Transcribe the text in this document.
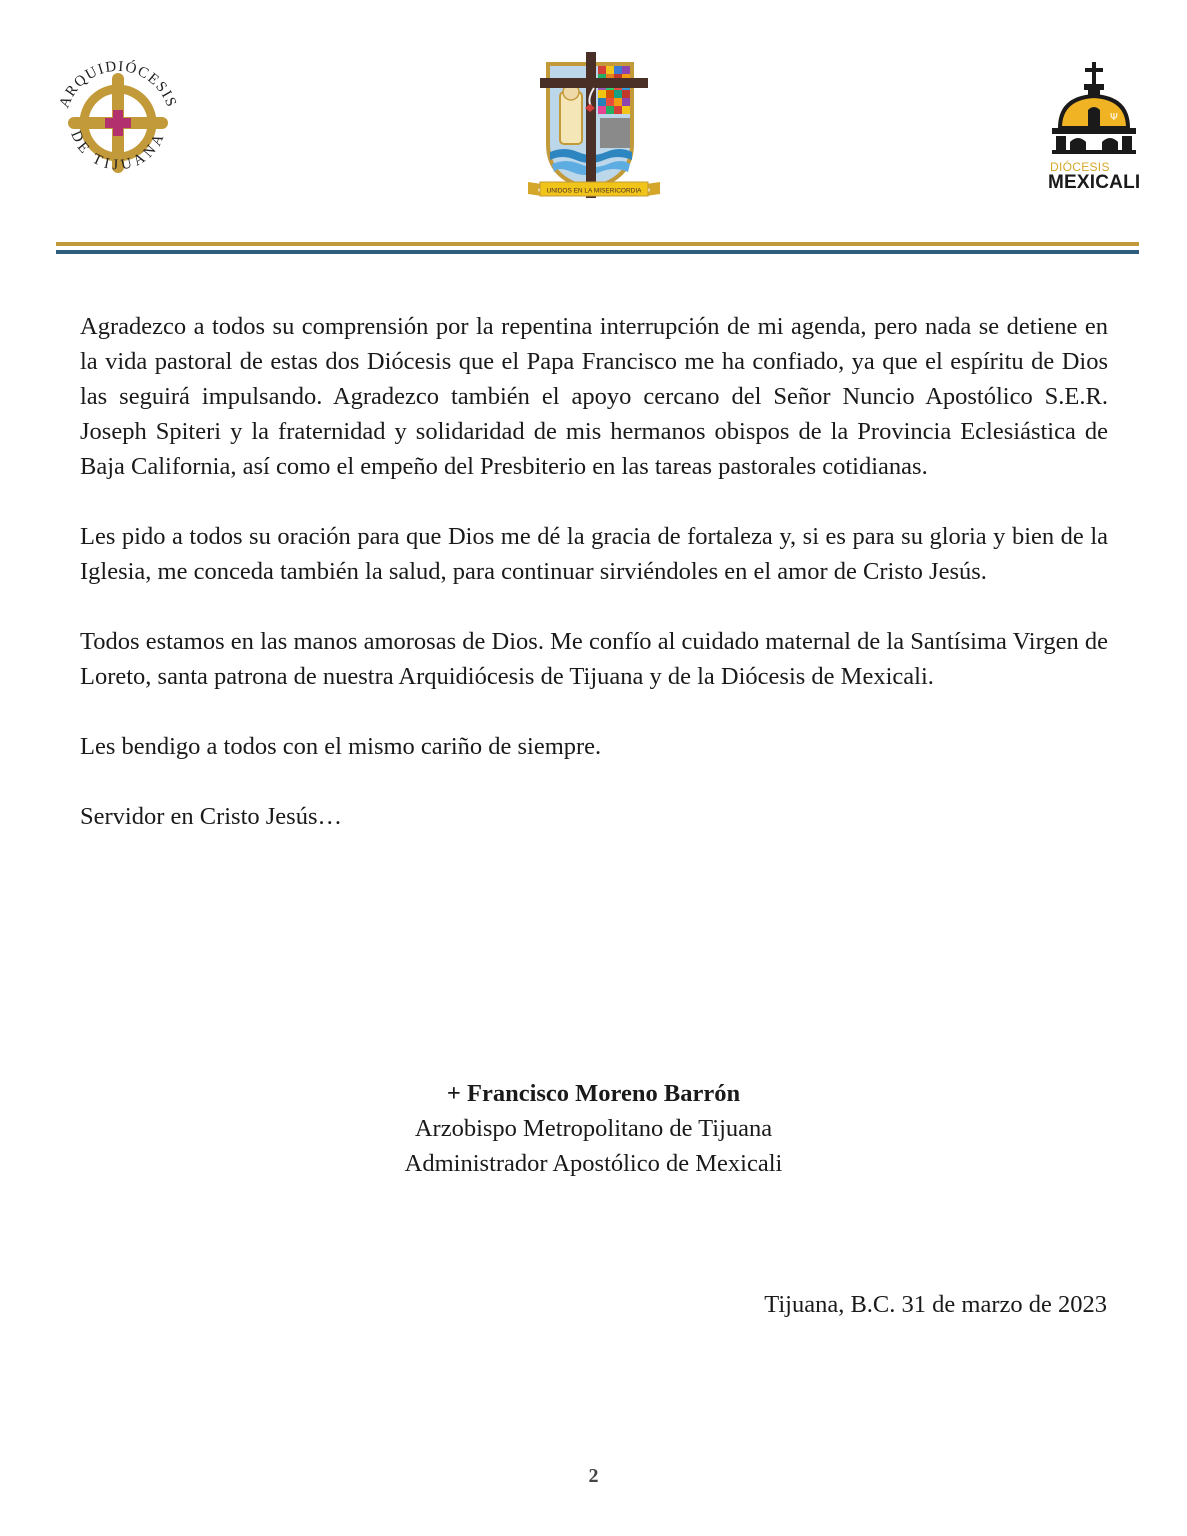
ARQUIDIÓCESIS
DE TIJUANA
UNIDOS EN LA MISERICORDIA
Ψ
DIÓCESIS
MEXICALI

Agradezco a todos su comprensión por la repentina interrupción de mi agenda, pero nada se detiene en la vida pastoral de estas dos Diócesis que el Papa Francisco me ha confiado, ya que el espíritu de Dios las seguirá impulsando. Agradezco también el apoyo cercano del Señor Nuncio Apostólico S.E.R. Joseph Spiteri y la fraternidad y solidaridad de mis hermanos obispos de la Provincia Eclesiástica de Baja California, así como el empeño del Presbiterio en las tareas pastorales cotidianas.

Les pido a todos su oración para que Dios me dé la gracia de fortaleza y, si es para su gloria y bien de la Iglesia, me conceda también la salud, para continuar sirviéndoles en el amor de Cristo Jesús.

Todos estamos en las manos amorosas de Dios. Me confío al cuidado maternal de la Santísima Virgen de Loreto, santa patrona de nuestra Arquidiócesis de Tijuana y de la Diócesis de Mexicali.

Les bendigo a todos con el mismo cariño de siempre.

Servidor en Cristo Jesús…

+ Francisco Moreno Barrón
Arzobispo Metropolitano de Tijuana
Administrador Apostólico de Mexicali
Tijuana, B.C. 31 de marzo de 2023
2
